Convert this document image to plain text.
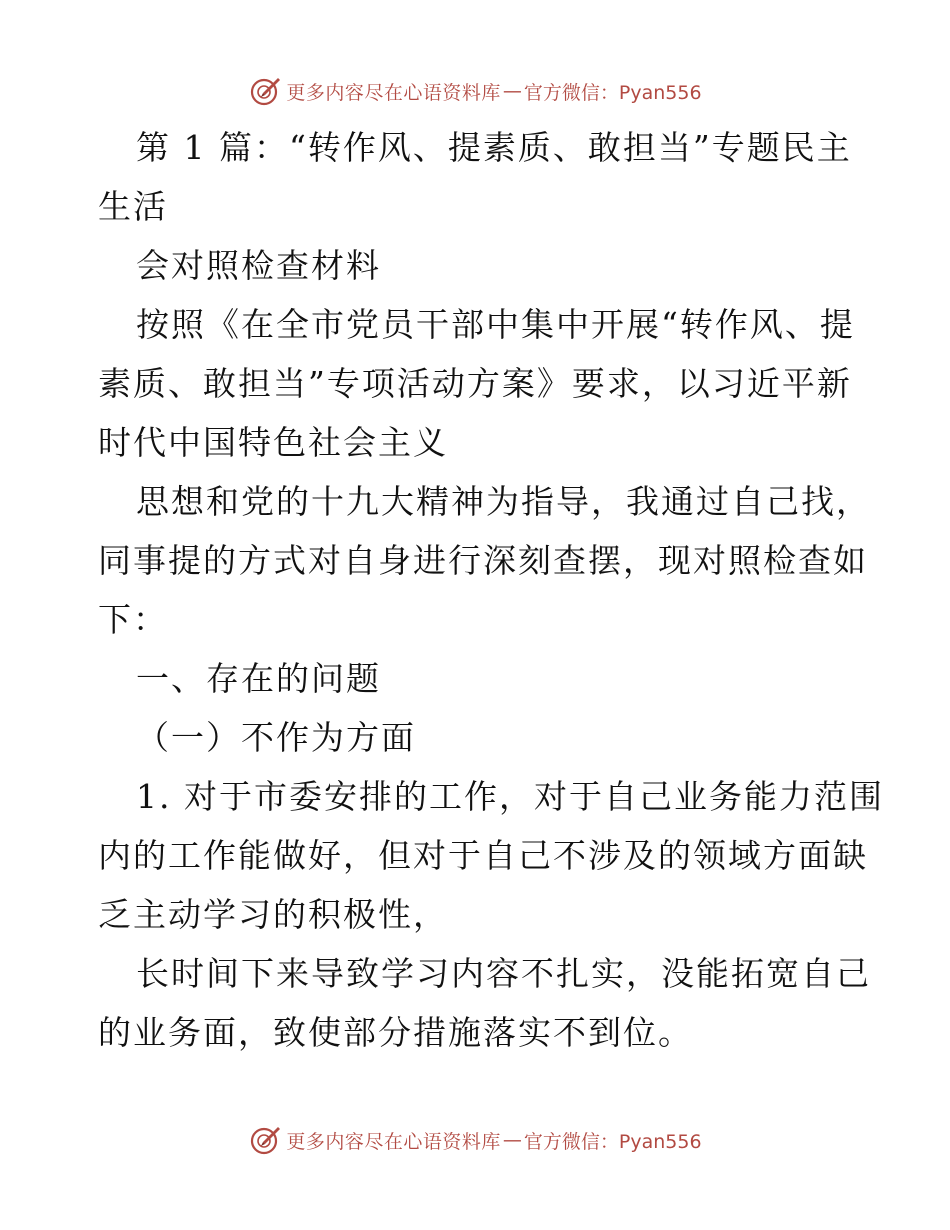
更多内容尽在心语资料库 — 官方微信：Pyan556
第 1 篇：“转作风、提素质、敢担当”专题民主
生活
会对照检查材料
按照《在全市党员干部中集中开展“转作风、提
素质、敢担当”专项活动方案》要求，以习近平新
时代中国特色社会主义
思想和党的十九大精神为指导，我通过自己找，
同事提的方式对自身进行深刻查摆，现对照检查如
下：
一、存在的问题
（一）不作为方面
1. 对于市委安排的工作，对于自己业务能力范围
内的工作能做好，但对于自己不涉及的领域方面缺
乏主动学习的积极性，
长时间下来导致学习内容不扎实，没能拓宽自己
的业务面，致使部分措施落实不到位。
更多内容尽在心语资料库 — 官方微信：Pyan556
